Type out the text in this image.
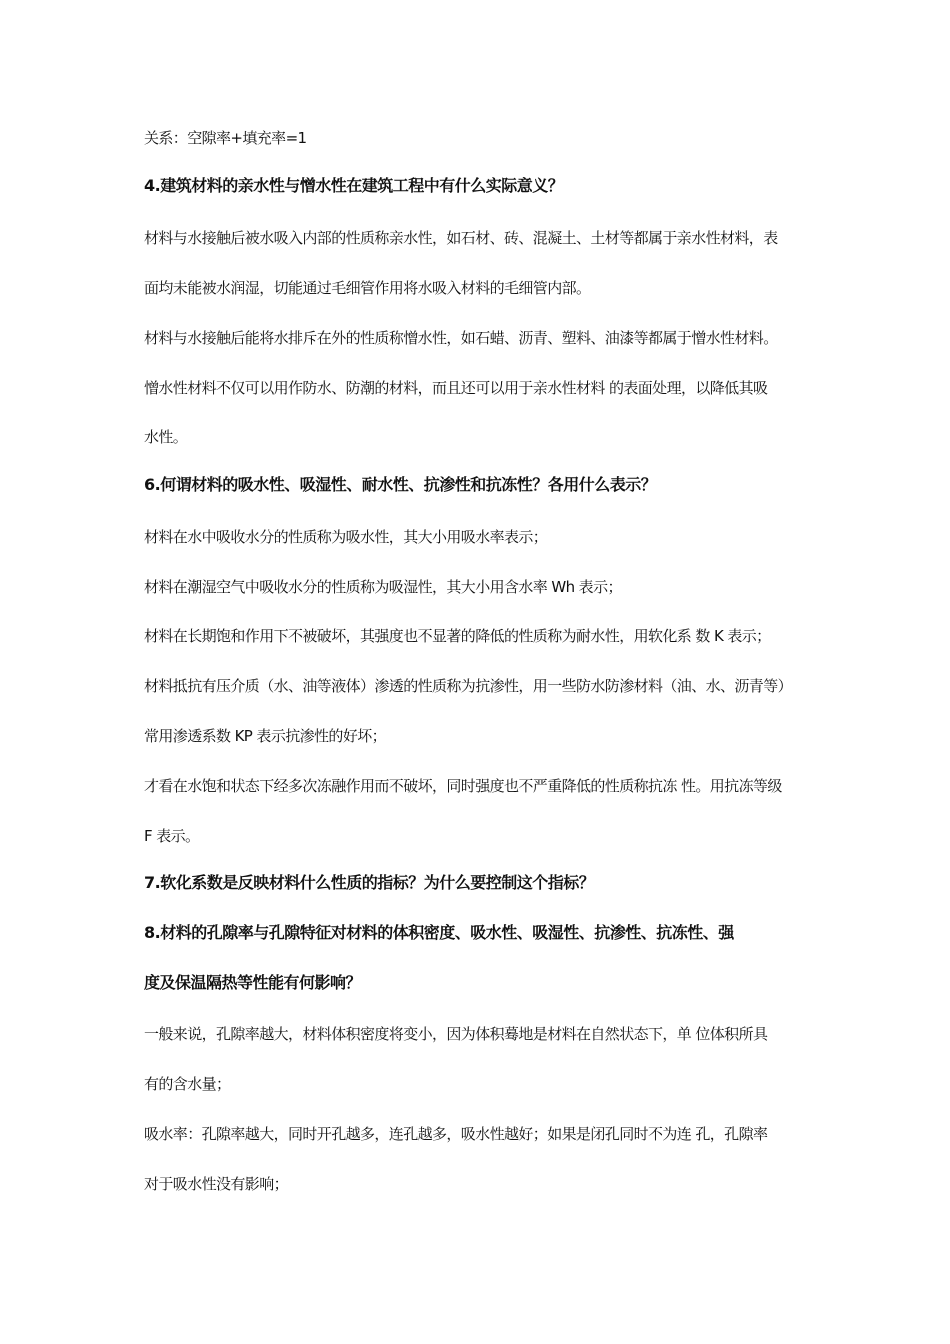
关系：空隙率+填充率=1
4.建筑材料的亲水性与憎水性在建筑工程中有什么实际意义？
材料与水接触后被水吸入内部的性质称亲水性，如石材、砖、混凝土、土材等都属于亲水性材料，表
面均未能被水润湿，切能通过毛细管作用将水吸入材料的毛细管内部。
材料与水接触后能将水排斥在外的性质称憎水性，如石蜡、沥青、塑料、油漆等都属于憎水性材料。
憎水性材料不仅可以用作防水、防潮的材料，而且还可以用于亲水性材料 的表面处理，以降低其吸
水性。
6.何谓材料的吸水性、吸湿性、耐水性、抗渗性和抗冻性？各用什么表示？
材料在水中吸收水分的性质称为吸水性，其大小用吸水率表示；
材料在潮湿空气中吸收水分的性质称为吸湿性，其大小用含水率 Wh 表示；
材料在长期饱和作用下不被破坏，其强度也不显著的降低的性质称为耐水性，用软化系 数 K 表示；
材料抵抗有压介质（水、油等液体）渗透的性质称为抗渗性，用一些防水防渗材料（油、水、沥青等）
常用渗透系数 KP 表示抗渗性的好坏；
才看在水饱和状态下经多次冻融作用而不破坏，同时强度也不严重降低的性质称抗冻 性。用抗冻等级
F 表示。
7.软化系数是反映材料什么性质的指标？为什么要控制这个指标？
8.材料的孔隙率与孔隙特征对材料的体积密度、吸水性、吸湿性、抗渗性、抗冻性、强
度及保温隔热等性能有何影响？
一般来说，孔隙率越大，材料体积密度将变小，因为体积蓦地是材料在自然状态下，单 位体积所具
有的含水量；
吸水率：孔隙率越大，同时开孔越多，连孔越多，吸水性越好；如果是闭孔同时不为连 孔，孔隙率
对于吸水性没有影响；
